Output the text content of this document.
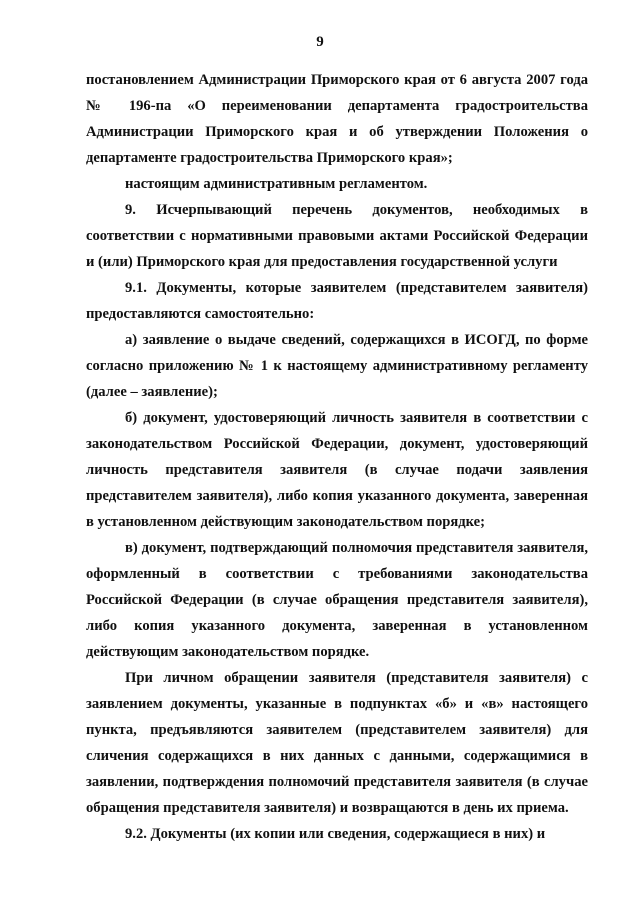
9

постановлением Администрации Приморского края от 6 августа 2007 года № 196-па «О переименовании департамента градостроительства Администрации Приморского края и об утверждении Положения о департаменте градостроительства Приморского края»;

настоящим административным регламентом.

9. Исчерпывающий перечень документов, необходимых в соответствии с нормативными правовыми актами Российской Федерации и (или) Приморского края для предоставления государственной услуги

9.1. Документы, которые заявителем (представителем заявителя) предоставляются самостоятельно:

а) заявление о выдаче сведений, содержащихся в ИСОГД, по форме согласно приложению № 1 к настоящему административному регламенту (далее – заявление);

б) документ, удостоверяющий личность заявителя в соответствии с законодательством Российской Федерации, документ, удостоверяющий личность представителя заявителя (в случае подачи заявления представителем заявителя), либо копия указанного документа, заверенная в установленном действующим законодательством порядке;

в) документ, подтверждающий полномочия представителя заявителя, оформленный в соответствии с требованиями законодательства Российской Федерации (в случае обращения представителя заявителя), либо копия указанного документа, заверенная в установленном действующим законодательством порядке.

При личном обращении заявителя (представителя заявителя) с заявлением документы, указанные в подпунктах «б» и «в» настоящего пункта, предъявляются заявителем (представителем заявителя) для сличения содержащихся в них данных с данными, содержащимися в заявлении, подтверждения полномочий представителя заявителя (в случае обращения представителя заявителя) и возвращаются в день их приема.

9.2. Документы (их копии или сведения, содержащиеся в них) и
